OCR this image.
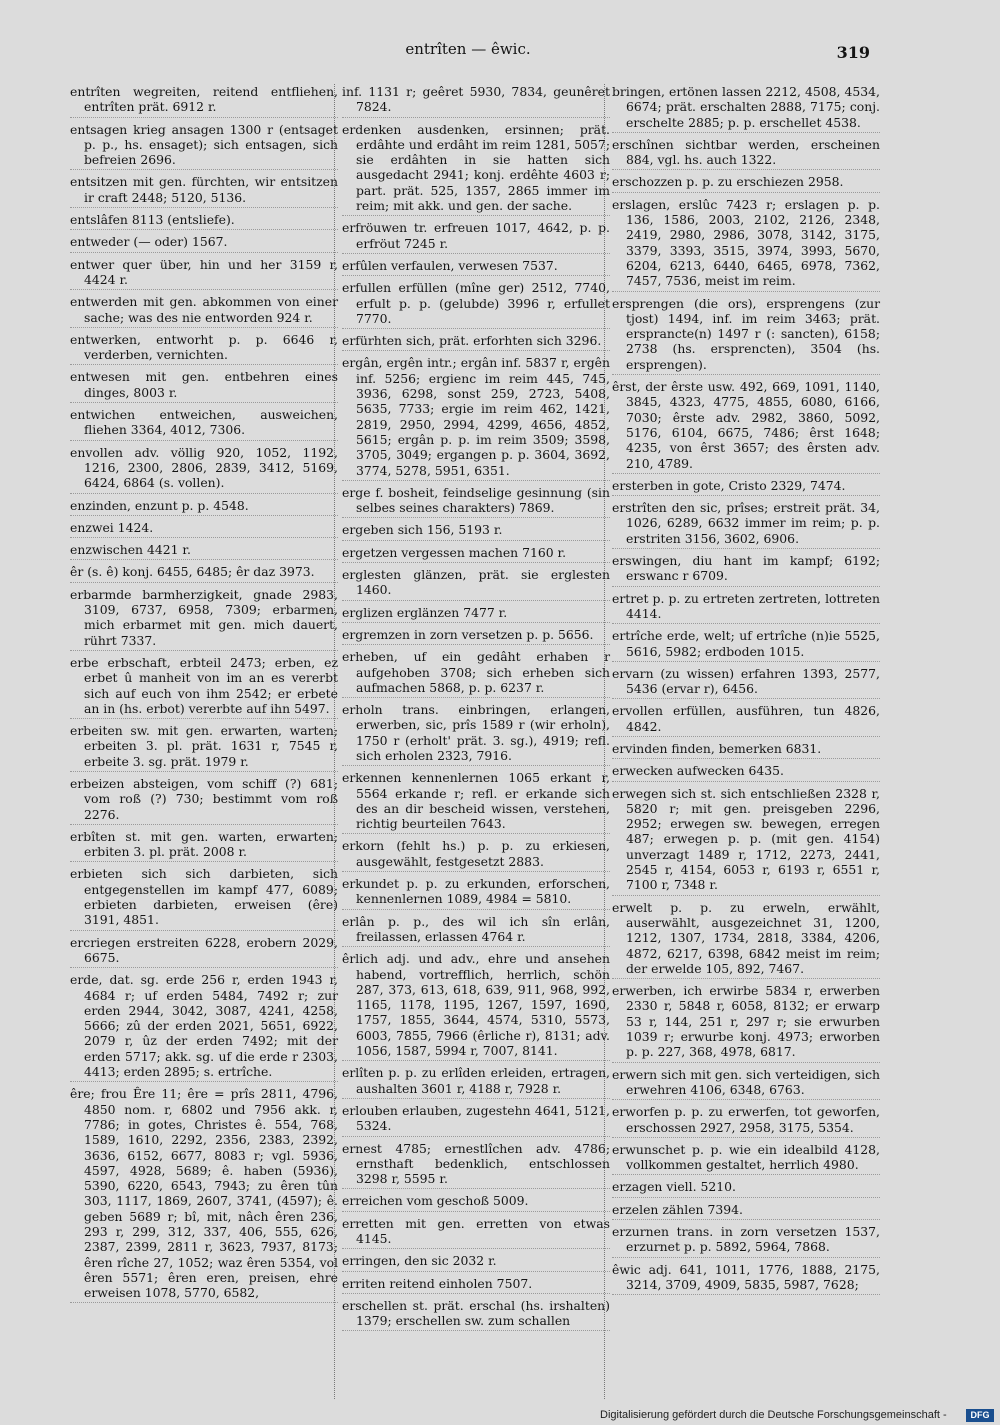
entrîten — êwic.	319
entrîten wegreiten, reitend entfliehen, entrîten prät. 6912 r.
entsagen krieg ansagen 1300 r (entsaget p. p., hs. ensaget); sich entsagen, sich befreien 2696.
entsitzen mit gen. fürchten, wir entsitzen ir craft 2448; 5120, 5136.
entslâfen 8113 (entsliefe).
entweder (— oder) 1567.
entwer quer über, hin und her 3159 r, 4424 r.
entwerden mit gen. abkommen von einer sache; was des nie entworden 924 r.
entwerken, entworht p. p. 6646 r, verderben, vernichten.
entwesen mit gen. entbehren eines dinges, 8003 r.
entwichen entweichen, ausweichen, fliehen 3364, 4012, 7306.
envollen adv. völlig 920, 1052, 1192, 1216, 2300, 2806, 2839, 3412, 5169, 6424, 6864 (s. vollen).
enzinden, enzunt p. p. 4548.
enzwei 1424.
enzwischen 4421 r.
êr (s. ê) konj. 6455, 6485; êr daz 3973.
erbarmde barmherzigkeit, gnade 2983, 3109, 6737, 6958, 7309; erbarmen, mich erbarmet mit gen. mich dauert, rührt 7337.
erbe erbschaft, erbteil 2473; erben, ez erbet û manheit von im an es vererbt sich auf euch von ihm 2542; er erbete an in (hs. erbot) vererbte auf ihn 5497.
erbeiten sw. mit gen. erwarten, warten; erbeiten 3. pl. prät. 1631 r, 7545 r, erbeite 3. sg. prät. 1979 r.
erbeizen absteigen, vom schiff (?) 681; vom roß (?) 730; bestimmt vom roß 2276.
erbîten st. mit gen. warten, erwarten; erbiten 3. pl. prät. 2008 r.
erbieten sich sich darbieten, sich entgegenstellen im kampf 477, 6089; erbieten darbieten, erweisen (êre) 3191, 4851.
ercriegen erstreiten 6228, erobern 2029, 6675.
erde, dat. sg. erde 256 r, erden 1943 r, 4684 r; uf erden 5484, 7492 r; zur erden 2944, 3042, 3087, 4241, 4258, 5666; zû der erden 2021, 5651, 6922, 2079 r, ûz der erden 7492; mit der erden 5717; akk. sg. uf die erde r 2303, 4413; erden 2895; s. ertrîche.
êre; frou Êre 11; êre = prîs 2811, 4796, 4850 nom. r, 6802 und 7956 akk. r, 7786; in gotes, Christes ê. 554, 768, 1589, 1610, 2292, 2356, 2383, 2392, 3636, 6152, 6677, 8083 r; vgl. 5936, 4597, 4928, 5689; ê. haben (5936), 5390, 6220, 6543, 7943; zu êren tûn 303, 1117, 1869, 2607, 3741, (4597); ê. geben 5689 r; bî, mit, nâch êren 236, 293 r, 299, 312, 337, 406, 555, 626, 2387, 2399, 2811 r, 3623, 7937, 8173; êren rîche 27, 1052; waz êren 5354, vol êren 5571; êren eren, preisen, ehre erweisen 1078, 5770, 6582,
inf. 1131 r; geêret 5930, 7834, geunêret 7824.
erdenken ausdenken, ersinnen; prät. erdâhte und erdâht im reim 1281, 5057; sie erdâhten in sie hatten sich ausgedacht 2941; konj. erdêhte 4603 r; part. prät. 525, 1357, 2865 immer im reim; mit akk. und gen. der sache.
erfröuwen tr. erfreuen 1017, 4642, p. p. erfröut 7245 r.
erfûlen verfaulen, verwesen 7537.
erfullen erfüllen (mîne ger) 2512, 7740, erfult p. p. (gelubde) 3996 r, erfullet 7770.
erfürhten sich, prät. erforhten sich 3296.
ergân, ergên intr.; ergân inf. 5837 r, ergên inf. 5256; ergienc im reim 445, 745, 3936, 6298, sonst 259, 2723, 5408, 5635, 7733; ergie im reim 462, 1421, 2819, 2950, 2994, 4299, 4656, 4852, 5615; ergân p. p. im reim 3509; 3598, 3705, 3049; ergangen p. p. 3604, 3692, 3774, 5278, 5951, 6351.
erge f. bosheit, feindselige gesinnung (sin selbes seines charakters) 7869.
ergeben sich 156, 5193 r.
ergetzen vergessen machen 7160 r.
erglesten glänzen, prät. sie erglesten 1460.
erglizen erglänzen 7477 r.
ergremzen in zorn versetzen p. p. 5656.
erheben, uf ein gedâht erhaben r aufgehoben 3708; sich erheben sich aufmachen 5868, p. p. 6237 r.
erholn trans. einbringen, erlangen, erwerben, sic, prîs 1589 r (wir erholn), 1750 r (erholt' prät. 3. sg.), 4919; refl. sich erholen 2323, 7916.
erkennen kennenlernen 1065 erkant r, 5564 erkande r; refl. er erkande sich des an dir bescheid wissen, verstehen, richtig beurteilen 7643.
erkorn (fehlt hs.) p. p. zu erkiesen, ausgewählt, festgesetzt 2883.
erkundet p. p. zu erkunden, erforschen, kennenlernen 1089, 4984 = 5810.
erlân p. p., des wil ich sîn erlân, freilassen, erlassen 4764 r.
êrlich adj. und adv., ehre und ansehen habend, vortrefflich, herrlich, schön 287, 373, 613, 618, 639, 911, 968, 992, 1165, 1178, 1195, 1267, 1597, 1690, 1757, 1855, 3644, 4574, 5310, 5573, 6003, 7855, 7966 (êrliche r), 8131; adv. 1056, 1587, 5994 r, 7007, 8141.
erlîten p. p. zu erlîden erleiden, ertragen, aushalten 3601 r, 4188 r, 7928 r.
erlouben erlauben, zugestehn 4641, 5121, 5324.
ernest 4785; ernestlîchen adv. 4786; ernsthaft bedenklich, entschlossen 3298 r, 5595 r.
erreichen vom geschoß 5009.
erretten mit gen. erretten von etwas 4145.
erringen, den sic 2032 r.
erriten reitend einholen 7507.
erschellen st. prät. erschal (hs. irshalten) 1379; erschellen sw. zum schallen
bringen, ertönen lassen 2212, 4508, 4534, 6674; prät. erschalten 2888, 7175; conj. erschelte 2885; p. p. erschellet 4538.
erschînen sichtbar werden, erscheinen 884, vgl. hs. auch 1322.
erschozzen p. p. zu erschiezen 2958.
erslagen, erslûc 7423 r; erslagen p. p. 136, 1586, 2003, 2102, 2126, 2348, 2419, 2980, 2986, 3078, 3142, 3175, 3379, 3393, 3515, 3974, 3993, 5670, 6204, 6213, 6440, 6465, 6978, 7362, 7457, 7536, meist im reim.
ersprengen (die ors), ersprengens (zur tjost) 1494, inf. im reim 3463; prät. ersprancte(n) 1497 r (: sancten), 6158; 2738 (hs. ersprencten), 3504 (hs. ersprengen).
êrst, der êrste usw. 492, 669, 1091, 1140, 3845, 4323, 4775, 4855, 6080, 6166, 7030; êrste adv. 2982, 3860, 5092, 5176, 6104, 6675, 7486; êrst 1648; 4235, von êrst 3657; des êrsten adv. 210, 4789.
ersterben in gote, Cristo 2329, 7474.
erstrîten den sic, prîses; erstreit prät. 34, 1026, 6289, 6632 immer im reim; p. p. erstriten 3156, 3602, 6906.
erswingen, diu hant im kampf; 6192; erswanc r 6709.
ertret p. p. zu ertreten zertreten, lottreten 4414.
ertrîche erde, welt; uf ertrîche (n)ie 5525, 5616, 5982; erdboden 1015.
ervarn (zu wissen) erfahren 1393, 2577, 5436 (ervar r), 6456.
ervollen erfüllen, ausführen, tun 4826, 4842.
ervinden finden, bemerken 6831.
erwecken aufwecken 6435.
erwegen sich st. sich entschließen 2328 r, 5820 r; mit gen. preisgeben 2296, 2952; erwegen sw. bewegen, erregen 487; erwegen p. p. (mit gen. 4154) unverzagt 1489 r, 1712, 2273, 2441, 2545 r, 4154, 6053 r, 6193 r, 6551 r, 7100 r, 7348 r.
erwelt p. p. zu erweln, erwählt, auserwählt, ausgezeichnet 31, 1200, 1212, 1307, 1734, 2818, 3384, 4206, 4872, 6217, 6398, 6842 meist im reim; der erwelde 105, 892, 7467.
erwerben, ich erwirbe 5834 r, erwerben 2330 r, 5848 r, 6058, 8132; er erwarp 53 r, 144, 251 r, 297 r; sie erwurben 1039 r; erwurbe konj. 4973; erworben p. p. 227, 368, 4978, 6817.
erwern sich mit gen. sich verteidigen, sich erwehren 4106, 6348, 6763.
erworfen p. p. zu erwerfen, tot geworfen, erschossen 2927, 2958, 3175, 5354.
erwunschet p. p. wie ein idealbild 4128, vollkommen gestaltet, herrlich 4980.
erzagen viell. 5210.
erzelen zählen 7394.
erzurnen trans. in zorn versetzen 1537, erzurnet p. p. 5892, 5964, 7868.
êwic adj. 641, 1011, 1776, 1888, 2175, 3214, 3709, 4909, 5835, 5987, 7628;
Digitalisierung gefördert durch die Deutsche Forschungsgemeinschaft -	DFG
